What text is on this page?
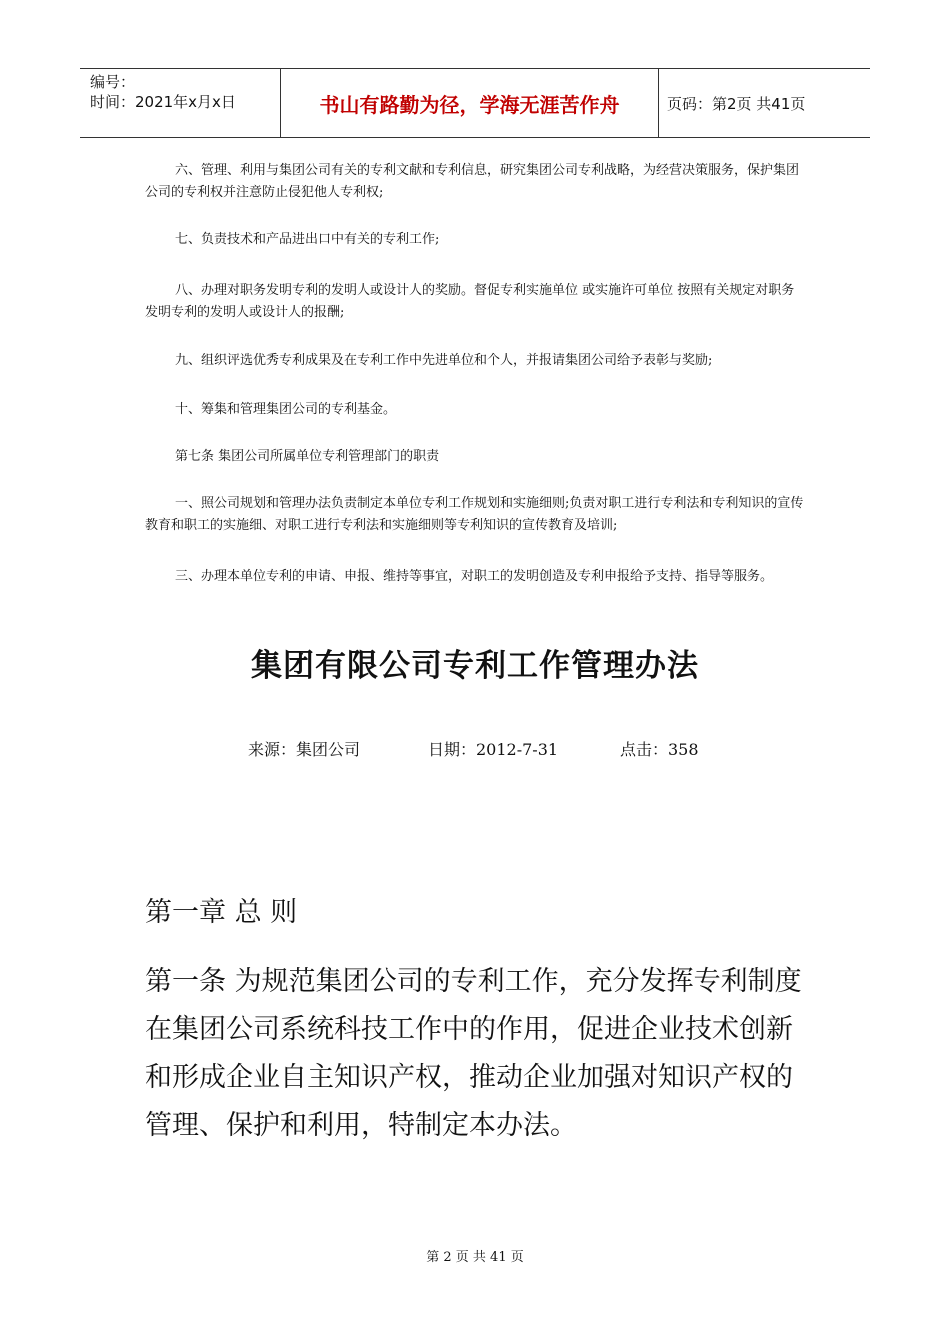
编号：
时间：2021年x月x日	书山有路勤为径，学海无涯苦作舟	页码：第2页 共41页

六、管理、利用与集团公司有关的专利文献和专利信息，研究集团公司专利战略，为经营决策服务，保护集团公司的专利权并注意防止侵犯他人专利权;

七、负责技术和产品进出口中有关的专利工作;

八、办理对职务发明专利的发明人或设计人的奖励。督促专利实施单位 或实施许可单位 按照有关规定对职务发明专利的发明人或设计人的报酬;

九、组织评选优秀专利成果及在专利工作中先进单位和个人，并报请集团公司给予表彰与奖励;

十、筹集和管理集团公司的专利基金。

第七条 集团公司所属单位专利管理部门的职责

一、照公司规划和管理办法负责制定本单位专利工作规划和实施细则;负责对职工进行专利法和专利知识的宣传教育和职工的实施细、对职工进行专利法和实施细则等专利知识的宣传教育及培训;

三、办理本单位专利的申请、申报、维持等事宜，对职工的发明创造及专利申报给予支持、指导等服务。

集团有限公司专利工作管理办法
来源：集团公司	日期：2012-7-31	点击：358
第一章 总 则

第一条 为规范集团公司的专利工作，充分发挥专利制度在集团公司系统科技工作中的作用，促进企业技术创新和形成企业自主知识产权，推动企业加强对知识产权的管理、保护和利用，特制定本办法。

第 2 页 共 41 页
